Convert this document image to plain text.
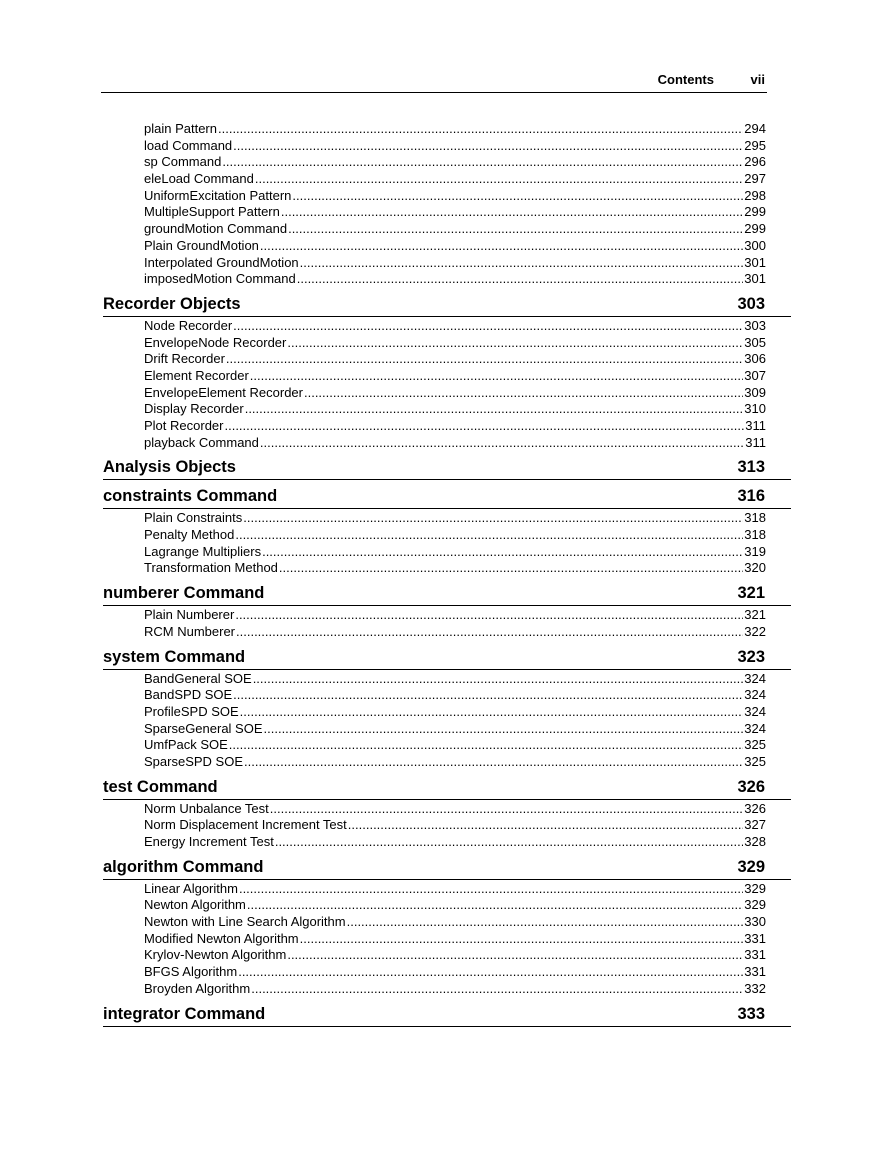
Contents	vii
plain Pattern .....	294
load Command .....	295
sp Command .....	296
eleLoad Command .....	297
UniformExcitation Pattern .....	298
MultipleSupport Pattern .....	299
groundMotion Command .....	299
Plain GroundMotion .....	300
Interpolated GroundMotion .....	301
imposedMotion Command .....	301
Recorder Objects	303
Node Recorder .....	303
EnvelopeNode Recorder .....	305
Drift Recorder .....	306
Element Recorder .....	307
EnvelopeElement Recorder .....	309
Display Recorder .....	310
Plot Recorder .....	311
playback Command .....	311
Analysis Objects	313
constraints Command	316
Plain Constraints .....	318
Penalty Method .....	318
Lagrange Multipliers .....	319
Transformation Method .....	320
numberer Command	321
Plain Numberer .....	321
RCM Numberer .....	322
system Command	323
BandGeneral SOE .....	324
BandSPD SOE .....	324
ProfileSPD SOE .....	324
SparseGeneral SOE .....	324
UmfPack SOE .....	325
SparseSPD SOE .....	325
test Command	326
Norm Unbalance Test .....	326
Norm Displacement Increment Test .....	327
Energy Increment Test .....	328
algorithm Command	329
Linear Algorithm .....	329
Newton Algorithm .....	329
Newton with Line Search Algorithm .....	330
Modified Newton Algorithm .....	331
Krylov-Newton Algorithm .....	331
BFGS Algorithm .....	331
Broyden Algorithm .....	332
integrator Command	333
